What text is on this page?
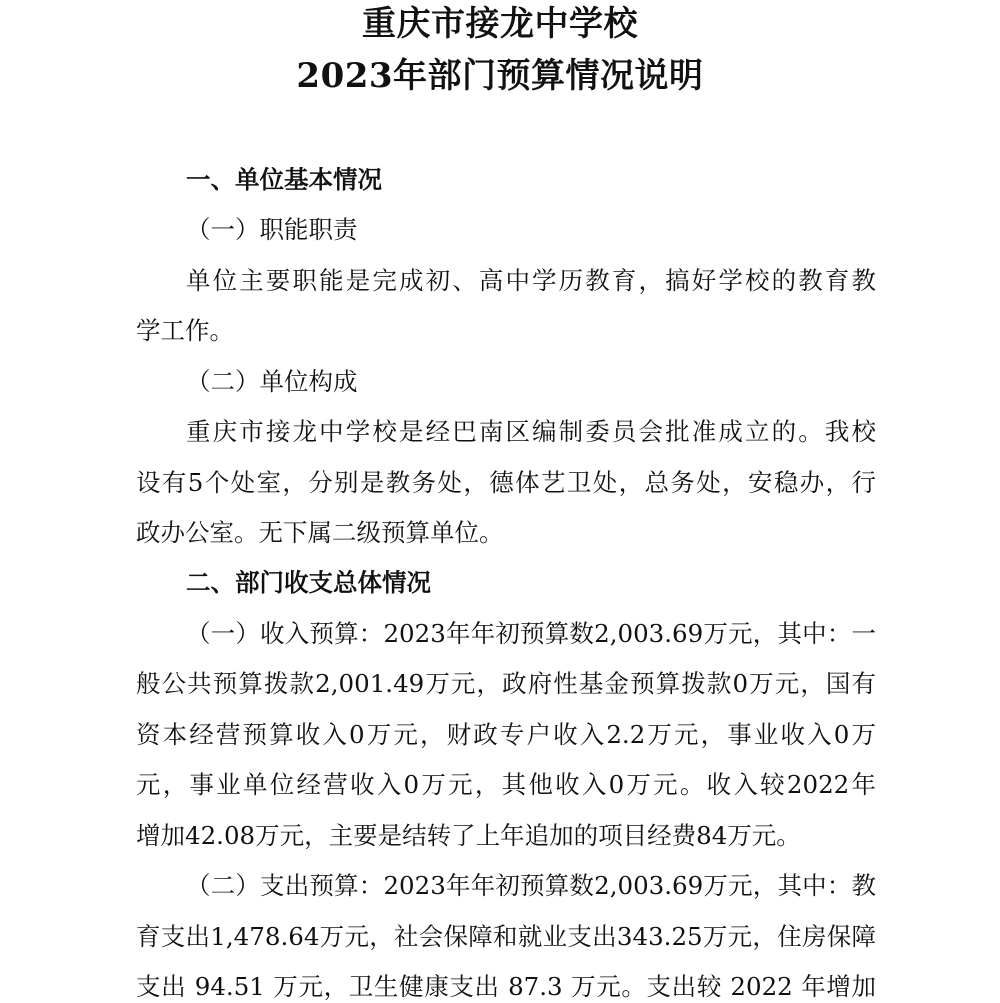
重庆市接龙中学校
2023年部门预算情况说明

一、单位基本情况

（一）职能职责

单位主要职能是完成初、高中学历教育，搞好学校的教育教

学工作。

（二）单位构成

重庆市接龙中学校是经巴南区编制委员会批准成立的。我校

设有5个处室，分别是教务处，德体艺卫处，总务处，安稳办，行

政办公室。无下属二级预算单位。

二、部门收支总体情况

（一）收入预算：2023年年初预算数2,003.69万元，其中：一

般公共预算拨款2,001.49万元，政府性基金预算拨款0万元，国有

资本经营预算收入0万元，财政专户收入2.2万元，事业收入0万

元，事业单位经营收入0万元，其他收入0万元。收入较2022年

增加42.08万元，主要是结转了上年追加的项目经费84万元。

（二）支出预算：2023年年初预算数2,003.69万元，其中：教

育支出1,478.64万元，社会保障和就业支出343.25万元，住房保障

支出 94.51 万元，卫生健康支出 87.3 万元。支出较 2022 年增加
